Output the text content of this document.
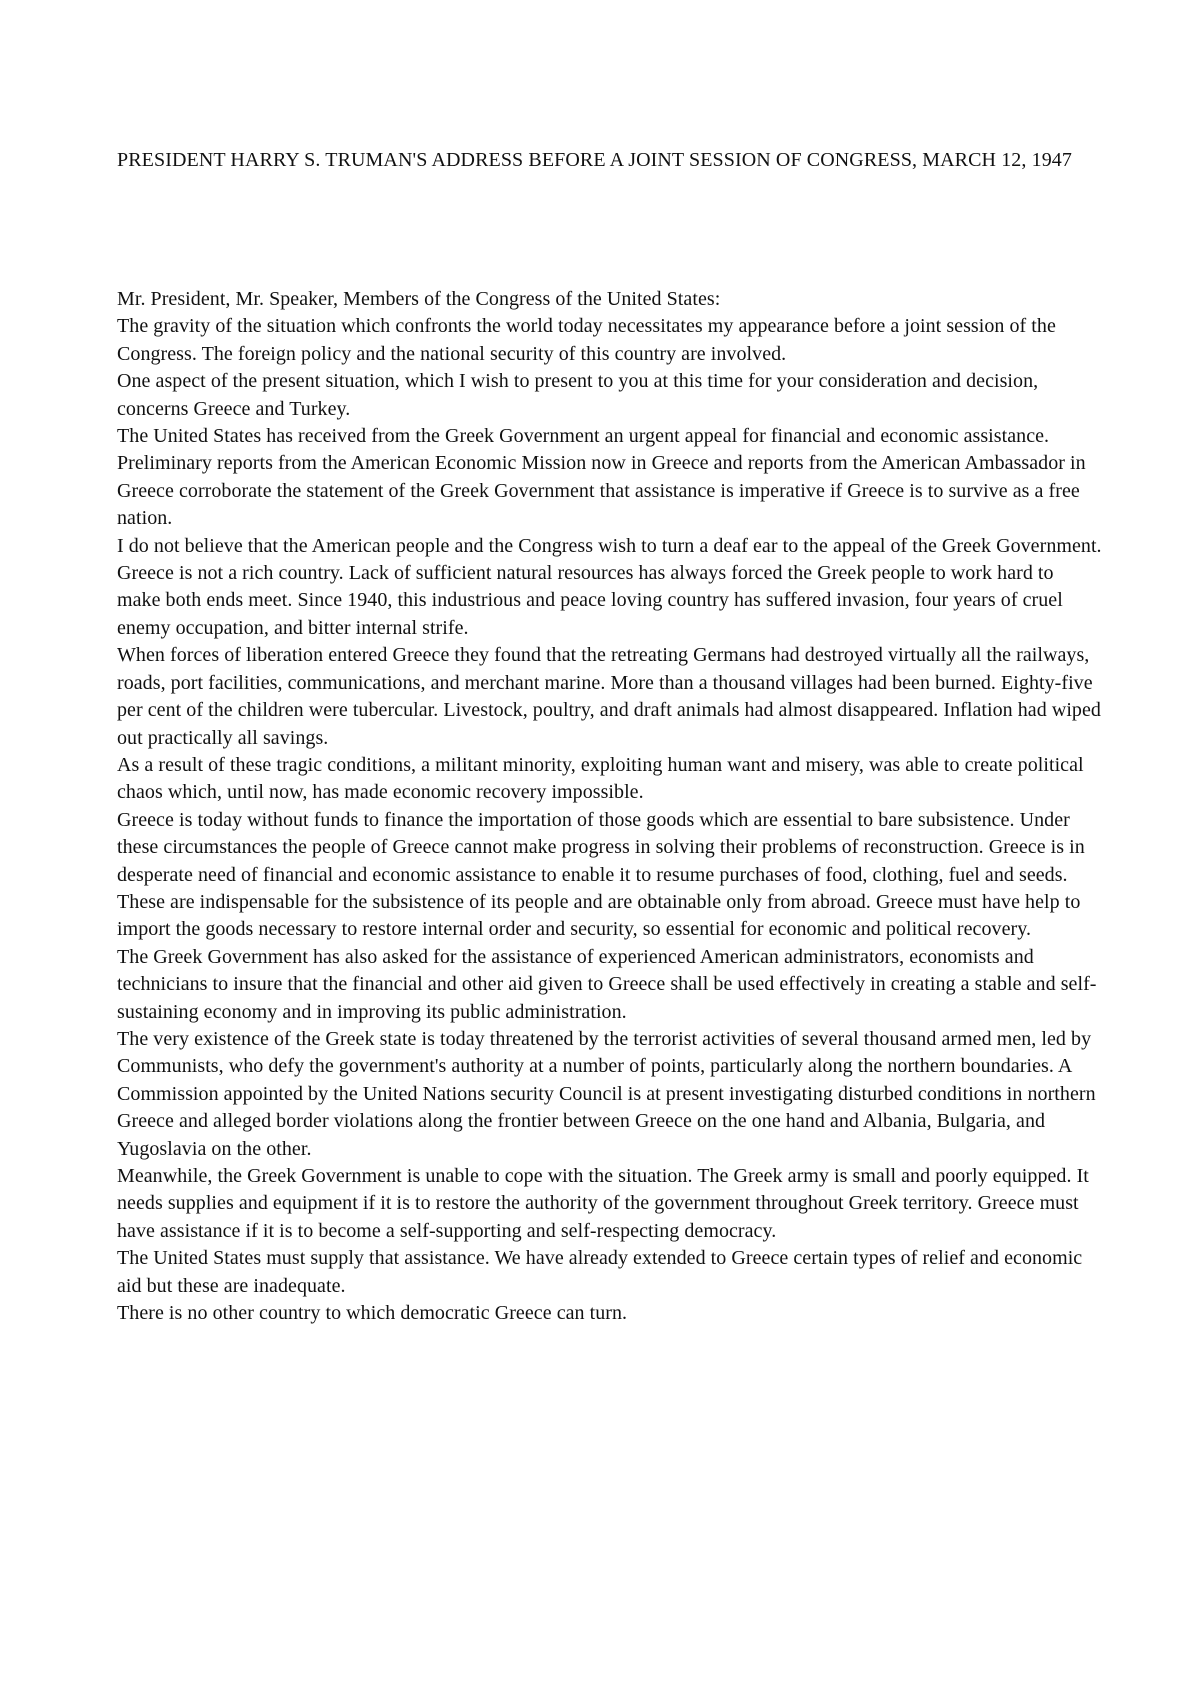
PRESIDENT HARRY S. TRUMAN'S ADDRESS BEFORE A JOINT SESSION OF CONGRESS, MARCH 12, 1947

Mr. President, Mr. Speaker, Members of the Congress of the United States:

The gravity of the situation which confronts the world today necessitates my appearance before a joint session of the Congress. The foreign policy and the national security of this country are involved.

One aspect of the present situation, which I wish to present to you at this time for your consideration and decision, concerns Greece and Turkey.

The United States has received from the Greek Government an urgent appeal for financial and economic assistance. Preliminary reports from the American Economic Mission now in Greece and reports from the American Ambassador in Greece corroborate the statement of the Greek Government that assistance is imperative if Greece is to survive as a free nation.

I do not believe that the American people and the Congress wish to turn a deaf ear to the appeal of the Greek Government.

Greece is not a rich country. Lack of sufficient natural resources has always forced the Greek people to work hard to make both ends meet. Since 1940, this industrious and peace loving country has suffered invasion, four years of cruel enemy occupation, and bitter internal strife.

When forces of liberation entered Greece they found that the retreating Germans had destroyed virtually all the railways, roads, port facilities, communications, and merchant marine. More than a thousand villages had been burned. Eighty-five per cent of the children were tubercular. Livestock, poultry, and draft animals had almost disappeared. Inflation had wiped out practically all savings.

As a result of these tragic conditions, a militant minority, exploiting human want and misery, was able to create political chaos which, until now, has made economic recovery impossible.

Greece is today without funds to finance the importation of those goods which are essential to bare subsistence. Under these circumstances the people of Greece cannot make progress in solving their problems of reconstruction. Greece is in desperate need of financial and economic assistance to enable it to resume purchases of food, clothing, fuel and seeds. These are indispensable for the subsistence of its people and are obtainable only from abroad. Greece must have help to import the goods necessary to restore internal order and security, so essential for economic and political recovery.

The Greek Government has also asked for the assistance of experienced American administrators, economists and technicians to insure that the financial and other aid given to Greece shall be used effectively in creating a stable and self-sustaining economy and in improving its public administration.

The very existence of the Greek state is today threatened by the terrorist activities of several thousand armed men, led by Communists, who defy the government's authority at a number of points, particularly along the northern boundaries. A Commission appointed by the United Nations security Council is at present investigating disturbed conditions in northern Greece and alleged border violations along the frontier between Greece on the one hand and Albania, Bulgaria, and Yugoslavia on the other.

Meanwhile, the Greek Government is unable to cope with the situation. The Greek army is small and poorly equipped. It needs supplies and equipment if it is to restore the authority of the government throughout Greek territory. Greece must have assistance if it is to become a self-supporting and self-respecting democracy.

The United States must supply that assistance. We have already extended to Greece certain types of relief and economic aid but these are inadequate.

There is no other country to which democratic Greece can turn.
